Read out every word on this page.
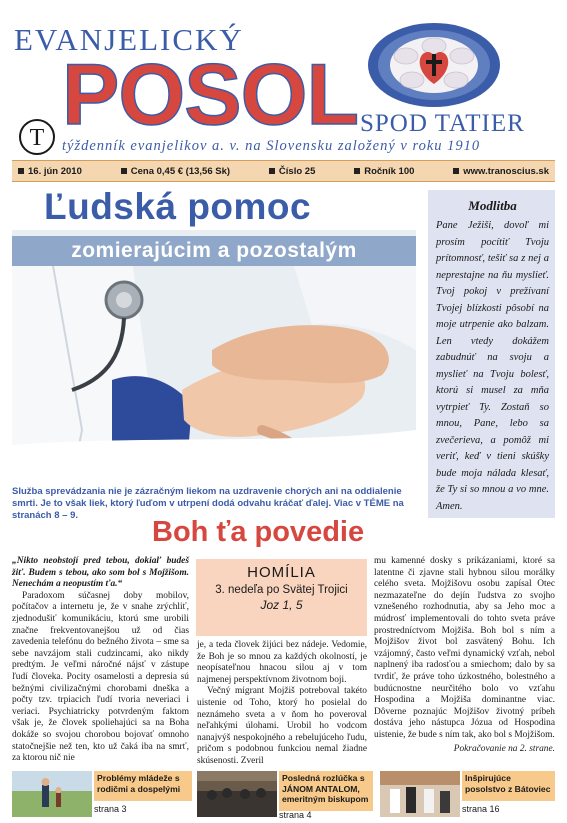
EVANJELICKÝ
POSOL SPOD TATIER
T týždenník evanjelikov a. v. na Slovensku založený v roku 1910
16. jún 2010	Cena 0,45 € (13,56 Sk)	Číslo 25	Ročník 100	www.tranoscius.sk
Ľudská pomoc
zomierajúcim a pozostalým
Služba sprevádzania nie je zázračným liekom na uzdravenie chorých ani na oddialenie smrti. Je to však liek, ktorý ľuďom v utrpení dodá odvahu kráčať ďalej. Viac v TÉME na stranách 8 – 9.
Modlitba
Pane Ježiši, dovoľ mi prosím pocítiť Tvoju prítomnosť, tešiť sa z nej a neprestajne na ňu myslieť. Tvoj pokoj v prežívaní Tvojej blízkosti pôsobí na moje utrpenie ako balzam. Len vtedy dokážem zabudnúť na svoju a myslieť na Tvoju bolesť, ktorú si musel za mňa vytrpieť Ty. Zostaň so mnou, Pane, lebo sa zvečerieva, a pomôž mi veriť, keď v tieni skúšky bude moja nálada klesať, že Ty si so mnou a vo mne. Amen.
Boh ťa povedie
HOMÍLIA
3. nedeľa po Svätej Trojici
Joz 1, 5

„Nikto neobstojí pred tebou, dokiaľ budeš žiť. Budem s tebou, ako som bol s Mojžišom. Nenechám a neopustím ťa.“

Paradoxom súčasnej doby mobilov, počítačov a internetu je, že v snahe zrýchliť, zjednodušiť komunikáciu, ktorú sme urobili značne frekventovanejšou už od čias zavedenia telefónu do bežného života – sme sa sebe navzájom stali cudzincami, ako nikdy predtým. Je veľmi náročné nájsť v zástupe ľudí človeka. Pocity osamelosti a depresia sú bežnými civilizačnými chorobami dneška a počty tzv. trpiacich ľudí tvoria neveriaci i veriaci. Psychiatricky potvrdeným faktom však je, že človek spoliehajúci sa na Boha dokáže so svojou chorobou bojovať omnoho statočnejšie než ten, kto už čaká iba na smrť, za ktorou nič nie

je, a teda človek žijúci bez nádeje. Vedomie, že Boh je so mnou za každých okolností, je neopísateľnou hnacou silou aj v tom najmenej perspektívnom životnom boji.

Večný migrant Mojžiš potreboval takéto uistenie od Toho, ktorý ho posielal do neznámeho sveta a v ňom ho poveroval neľahkými úlohami. Urobil ho vodcom nanajvýš nespokojného a rebelujúceho ľudu, pričom s podobnou funkciou nemal žiadne skúsenosti. Zveril

mu kamenné dosky s prikázaniami, ktoré sa latentne či zjavne stali hybnou silou morálky celého sveta. Mojžišovu osobu zapísal Otec nezmazateľne do dejín ľudstva zo svojho vznešeného rozhodnutia, aby sa Jeho moc a múdrosť implementovali do tohto sveta práve prostredníctvom Mojžiša. Boh bol s ním a Mojžišov život bol zasvätený Bohu. Ich vzájomný, často veľmi dynamický vzťah, nebol naplnený iba radosťou a smiechom; dalo by sa tvrdiť, že práve toho úzkostného, bolestného a budúcnostne neurčitého bolo vo vzťahu Hospodina a Mojžiša dominantne viac. Dôverne poznajúc Mojžišov životný príbeh dostáva jeho nástupca Józua od Hospodina uistenie, že bude s ním tak, ako bol s Mojžišom.

Pokračovanie na 2. strane.

Problémy mládeže s rodičmi a dospelými
strana 3
Posledná rozlúčka s JÁNOM ANTALOM, emeritným biskupom
strana 4
Inšpirujúce posolstvo z Bátoviec
strana 16
